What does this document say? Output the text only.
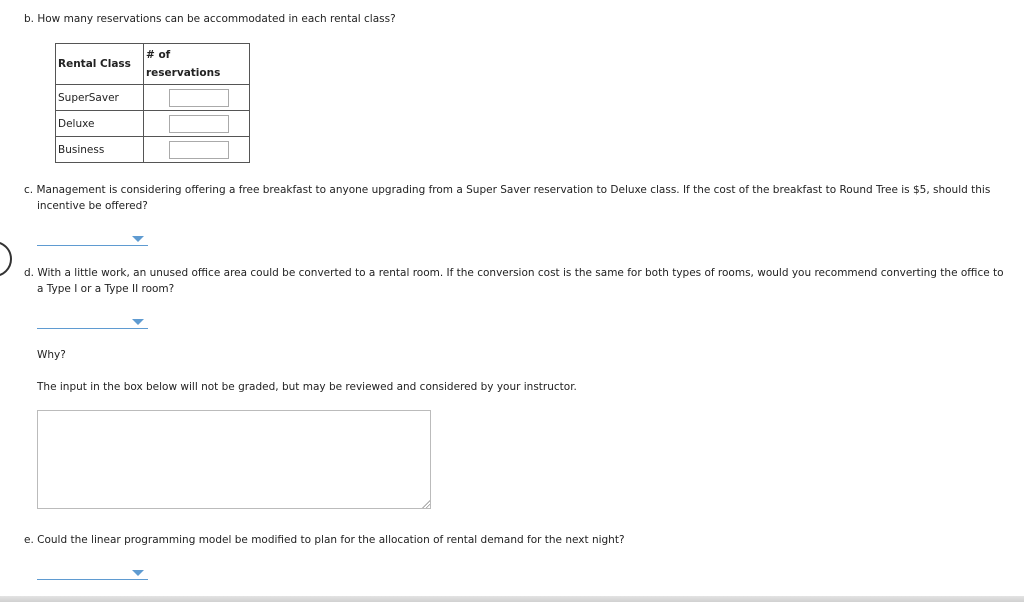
b. How many reservations can be accommodated in each rental class?
Rental Class	# of
reservations
SuperSaver	

Deluxe	

Business	
c. Management is considering offering a free breakfast to anyone upgrading from a Super Saver reservation to Deluxe class. If the cost of the breakfast to Round Tree is $5, should this
incentive be offered?
d. With a little work, an unused office area could be converted to a rental room. If the conversion cost is the same for both types of rooms, would you recommend converting the office to
a Type I or a Type II room?
Why?
The input in the box below will not be graded, but may be reviewed and considered by your instructor.
e. Could the linear programming model be modified to plan for the allocation of rental demand for the next night?
